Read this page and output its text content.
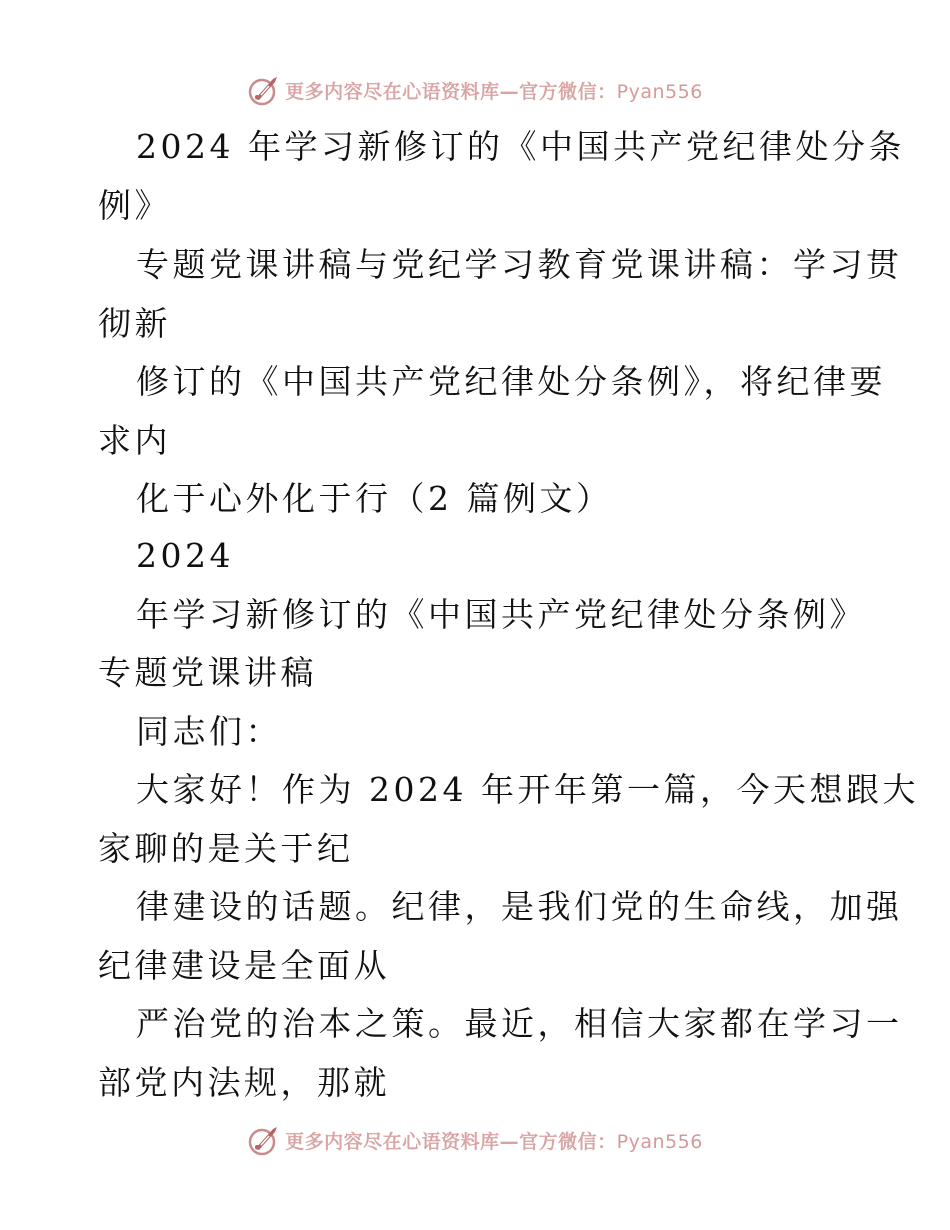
更多内容尽在心语资料库—官方微信：Pyan556
2024 年学习新修订的《中国共产党纪律处分条
例》
专题党课讲稿与党纪学习教育党课讲稿：学习贯
彻新
修订的《中国共产党纪律处分条例》，将纪律要
求内
化于心外化于行（2 篇例文）
2024
年学习新修订的《中国共产党纪律处分条例》
专题党课讲稿
同志们：
大家好！作为 2024 年开年第一篇，今天想跟大
家聊的是关于纪
律建设的话题。纪律，是我们党的生命线，加强
纪律建设是全面从
严治党的治本之策。最近，相信大家都在学习一
部党内法规，那就
更多内容尽在心语资料库—官方微信：Pyan556
